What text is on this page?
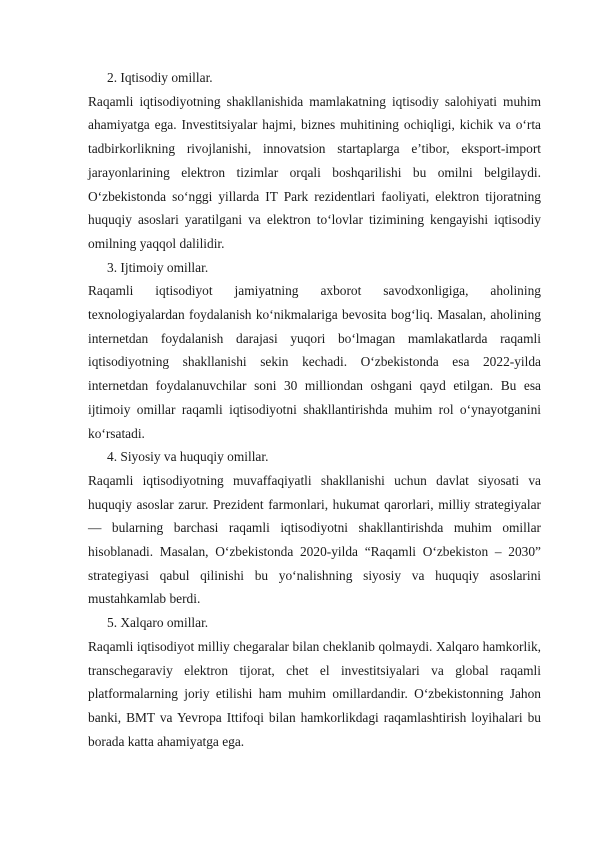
2. Iqtisodiy omillar.

Raqamli iqtisodiyotning shakllanishida mamlakatning iqtisodiy salohiyati muhim ahamiyatga ega. Investitsiyalar hajmi, biznes muhitining ochiqligi, kichik va o‘rta tadbirkorlikning rivojlanishi, innovatsion startaplarga e’tibor, eksport-import jarayonlarining elektron tizimlar orqali boshqarilishi bu omilni belgilaydi. O‘zbekistonda so‘nggi yillarda IT Park rezidentlari faoliyati, elektron tijoratning huquqiy asoslari yaratilgani va elektron to‘lovlar tizimining kengayishi iqtisodiy omilning yaqqol dalilidir.

3. Ijtimoiy omillar.

Raqamli iqtisodiyot jamiyatning axborot savodxonligiga, aholining texnologiyalardan foydalanish ko‘nikmalariga bevosita bog‘liq. Masalan, aholining internetdan foydalanish darajasi yuqori bo‘lmagan mamlakatlarda raqamli iqtisodiyotning shakllanishi sekin kechadi. O‘zbekistonda esa 2022-yilda internetdan foydalanuvchilar soni 30 milliondan oshgani qayd etilgan. Bu esa ijtimoiy omillar raqamli iqtisodiyotni shakllantirishda muhim rol o‘ynayotganini ko‘rsatadi.

4. Siyosiy va huquqiy omillar.

Raqamli iqtisodiyotning muvaffaqiyatli shakllanishi uchun davlat siyosati va huquqiy asoslar zarur. Prezident farmonlari, hukumat qarorlari, milliy strategiyalar — bularning barchasi raqamli iqtisodiyotni shakllantirishda muhim omillar hisoblanadi. Masalan, O‘zbekistonda 2020-yilda “Raqamli O‘zbekiston – 2030” strategiyasi qabul qilinishi bu yo‘nalishning siyosiy va huquqiy asoslarini mustahkamlab berdi.

5. Xalqaro omillar.

Raqamli iqtisodiyot milliy chegaralar bilan cheklanib qolmaydi. Xalqaro hamkorlik, transchegaraviy elektron tijorat, chet el investitsiyalari va global raqamli platformalarning joriy etilishi ham muhim omillardandir. O‘zbekistonning Jahon banki, BMT va Yevropa Ittifoqi bilan hamkorlikdagi raqamlashtirish loyihalari bu borada katta ahamiyatga ega.
